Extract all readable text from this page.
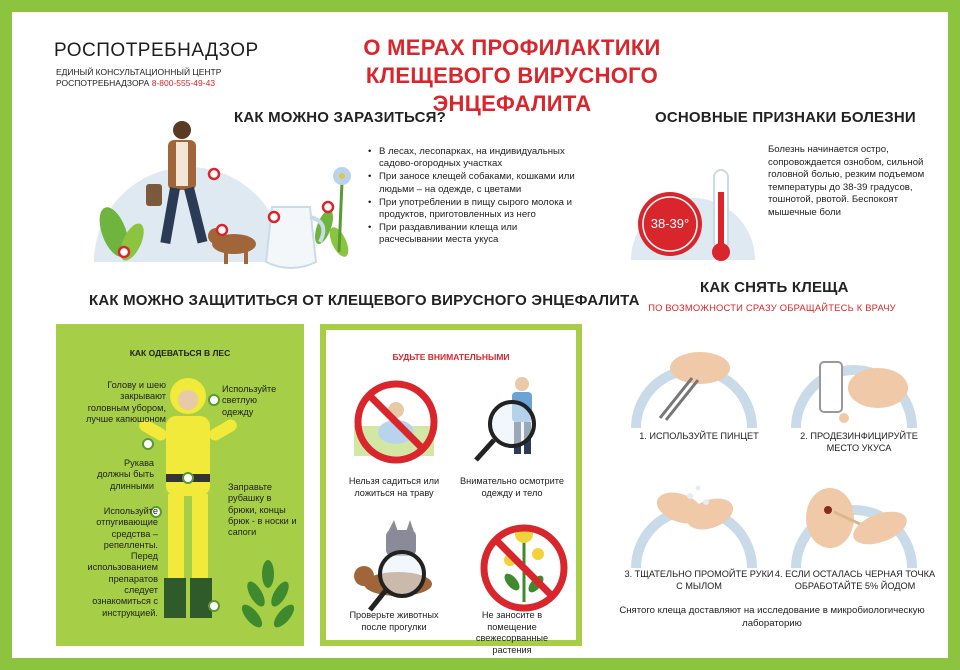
РОСПОТРЕБНАДЗОР
ЕДИНЫЙ КОНСУЛЬТАЦИОННЫЙ ЦЕНТР
РОСПОТРЕБНАДЗОРА 8-800-555-49-43
О МЕРАХ ПРОФИЛАКТИКИ
КЛЕЩЕВОГО ВИРУСНОГО ЭНЦЕФАЛИТА
КАК МОЖНО ЗАРАЗИТЬСЯ?
• В лесах, лесопарках, на индивидуальных садово-огородных участках
• При заносе клещей собаками, кошками или людьми – на одежде, с цветами
• При употреблении в пищу сырого молока и продуктов, приготовленных из него
• При раздавливании клеща или расчесывании места укуса
ОСНОВНЫЕ ПРИЗНАКИ БОЛЕЗНИ
38-39°
Болезнь начинается остро, сопровождается ознобом, сильной головной болью, резким подъемом температуры до 38-39 градусов, тошнотой, рвотой. Беспокоят мышечные боли
КАК МОЖНО ЗАЩИТИТЬСЯ ОТ КЛЕЩЕВОГО ВИРУСНОГО ЭНЦЕФАЛИТА
КАК ОДЕВАТЬСЯ В ЛЕС
Голову и шею закрывают головным убором, лучше капюшоном
Используйте светлую одежду
Рукава должны быть длинными	Заправьте рубашку в брюки, концы брюк - в носки и сапоги
Используйте отпугивающие средства – репелленты. Перед использованием препаратов следует ознакомиться с инструкцией.
БУДЬТЕ ВНИМАТЕЛЬНЫМИ
Нельзя садиться или ложиться на траву
Внимательно осмотрите одежду и тело
Проверьте животных после прогулки
Не заносите в помещение свежесорванные растения
КАК СНЯТЬ КЛЕЩА
ПО ВОЗМОЖНОСТИ СРАЗУ ОБРАЩАЙТЕСЬ К ВРАЧУ
1. ИСПОЛЬЗУЙТЕ ПИНЦЕТ	2. ПРОДЕЗИНФИЦИРУЙТЕ МЕСТО УКУСА
3. ТЩАТЕЛЬНО ПРОМОЙТЕ РУКИ С МЫЛОМ
4. ЕСЛИ ОСТАЛАСЬ ЧЕРНАЯ ТОЧКА ОБРАБОТАЙТЕ 5% ЙОДОМ
Снятого клеща доставляют на исследование в микробиологическую лабораторию
